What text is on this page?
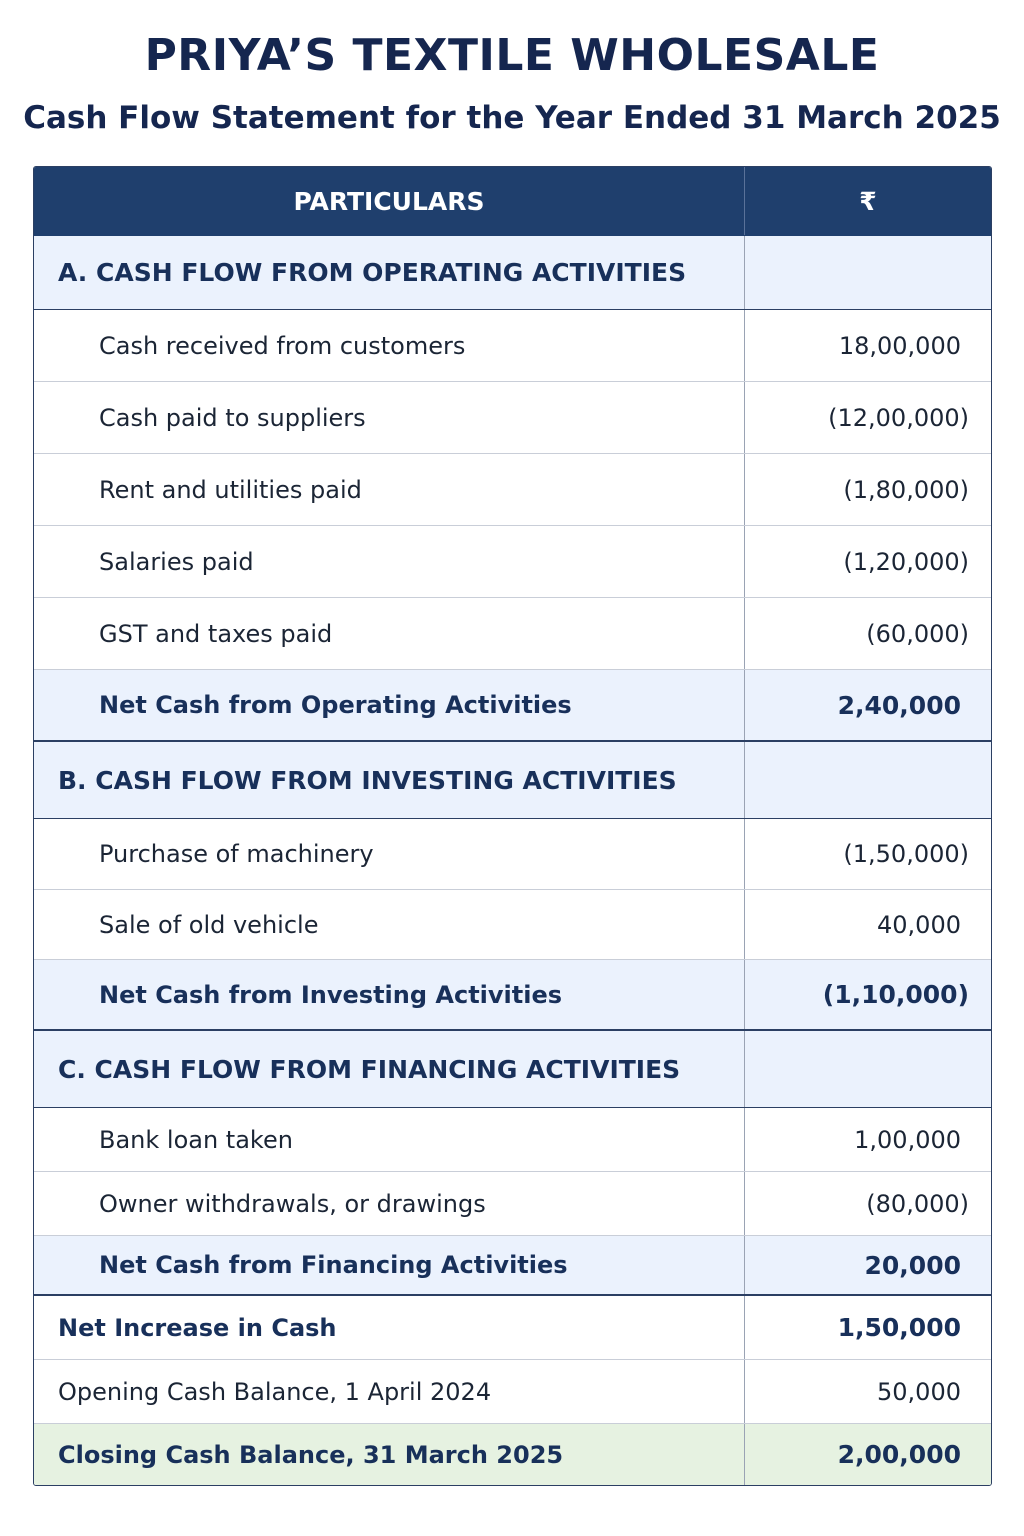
PRIYA’S TEXTILE WHOLESALE
Cash Flow Statement for the Year Ended 31 March 2025
PARTICULARS	₹
A. CASH FLOW FROM OPERATING ACTIVITIES
Cash received from customers	18,00,000
Cash paid to suppliers	(12,00,000)
Rent and utilities paid	(1,80,000)
Salaries paid	(1,20,000)
GST and taxes paid	(60,000)
Net Cash from Operating Activities	2,40,000
B. CASH FLOW FROM INVESTING ACTIVITIES
Purchase of machinery	(1,50,000)
Sale of old vehicle	40,000
Net Cash from Investing Activities	(1,10,000)
C. CASH FLOW FROM FINANCING ACTIVITIES
Bank loan taken	1,00,000
Owner withdrawals, or drawings	(80,000)
Net Cash from Financing Activities	20,000
Net Increase in Cash	1,50,000
Opening Cash Balance, 1 April 2024	50,000
Closing Cash Balance, 31 March 2025	2,00,000
